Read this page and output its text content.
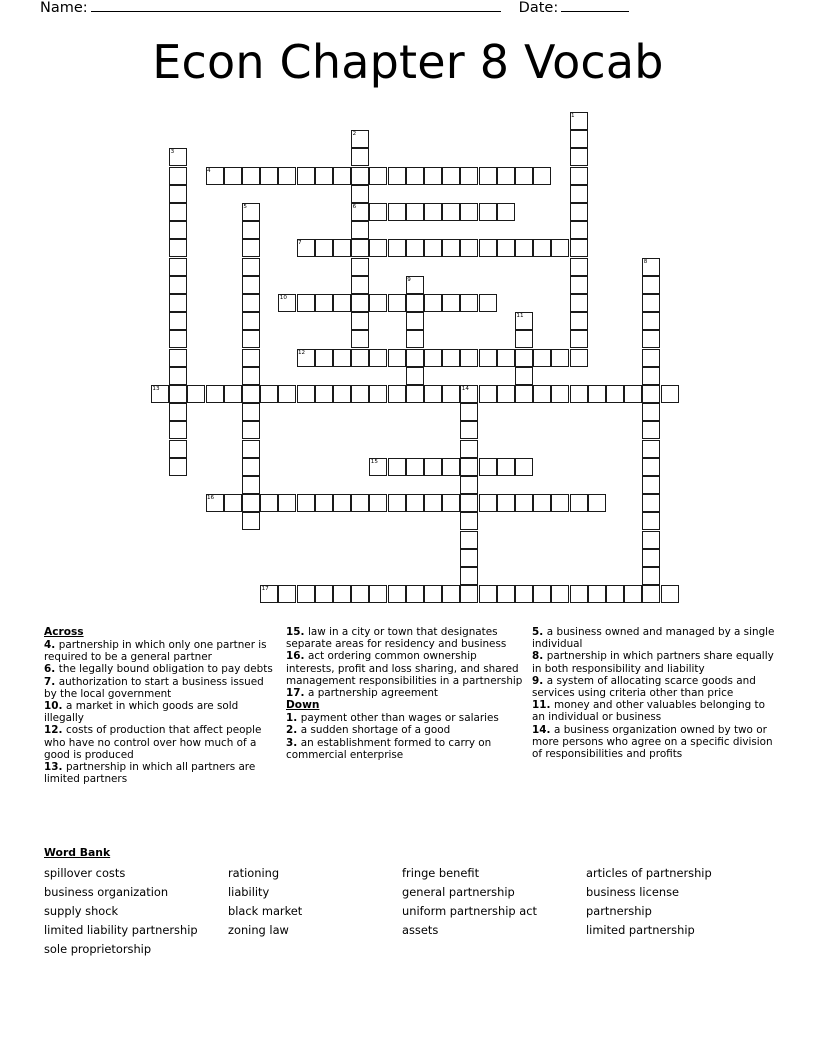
Name:	Date:
Econ Chapter 8 Vocab
1
2
3
4
5	6
7
8
9
10
11
12
13	14
15
16
17
Across
4. partnership in which only one partner is required to be a general partner
6. the legally bound obligation to pay debts
7. authorization to start a business issued by the local government
10. a market in which goods are sold illegally
12. costs of production that affect people who have no control over how much of a good is produced
13. partnership in which all partners are limited partners
15. law in a city or town that designates separate areas for residency and business
16. act ordering common ownership interests, profit and loss sharing, and shared management responsibilities in a partnership
17. a partnership agreement
Down
1. payment other than wages or salaries
2. a sudden shortage of a good
3. an establishment formed to carry on commercial enterprise
5. a business owned and managed by a single individual
8. partnership in which partners share equally in both responsibility and liability
9. a system of allocating scarce goods and services using criteria other than price
11. money and other valuables belonging to an individual or business
14. a business organization owned by two or more persons who agree on a specific division of responsibilities and profits
Word Bank
spillover costs
business organization
supply shock
limited liability partnership
sole proprietorship
rationing
liability
black market
zoning law
fringe benefit
general partnership
uniform partnership act
assets
articles of partnership
business license
partnership
limited partnership
